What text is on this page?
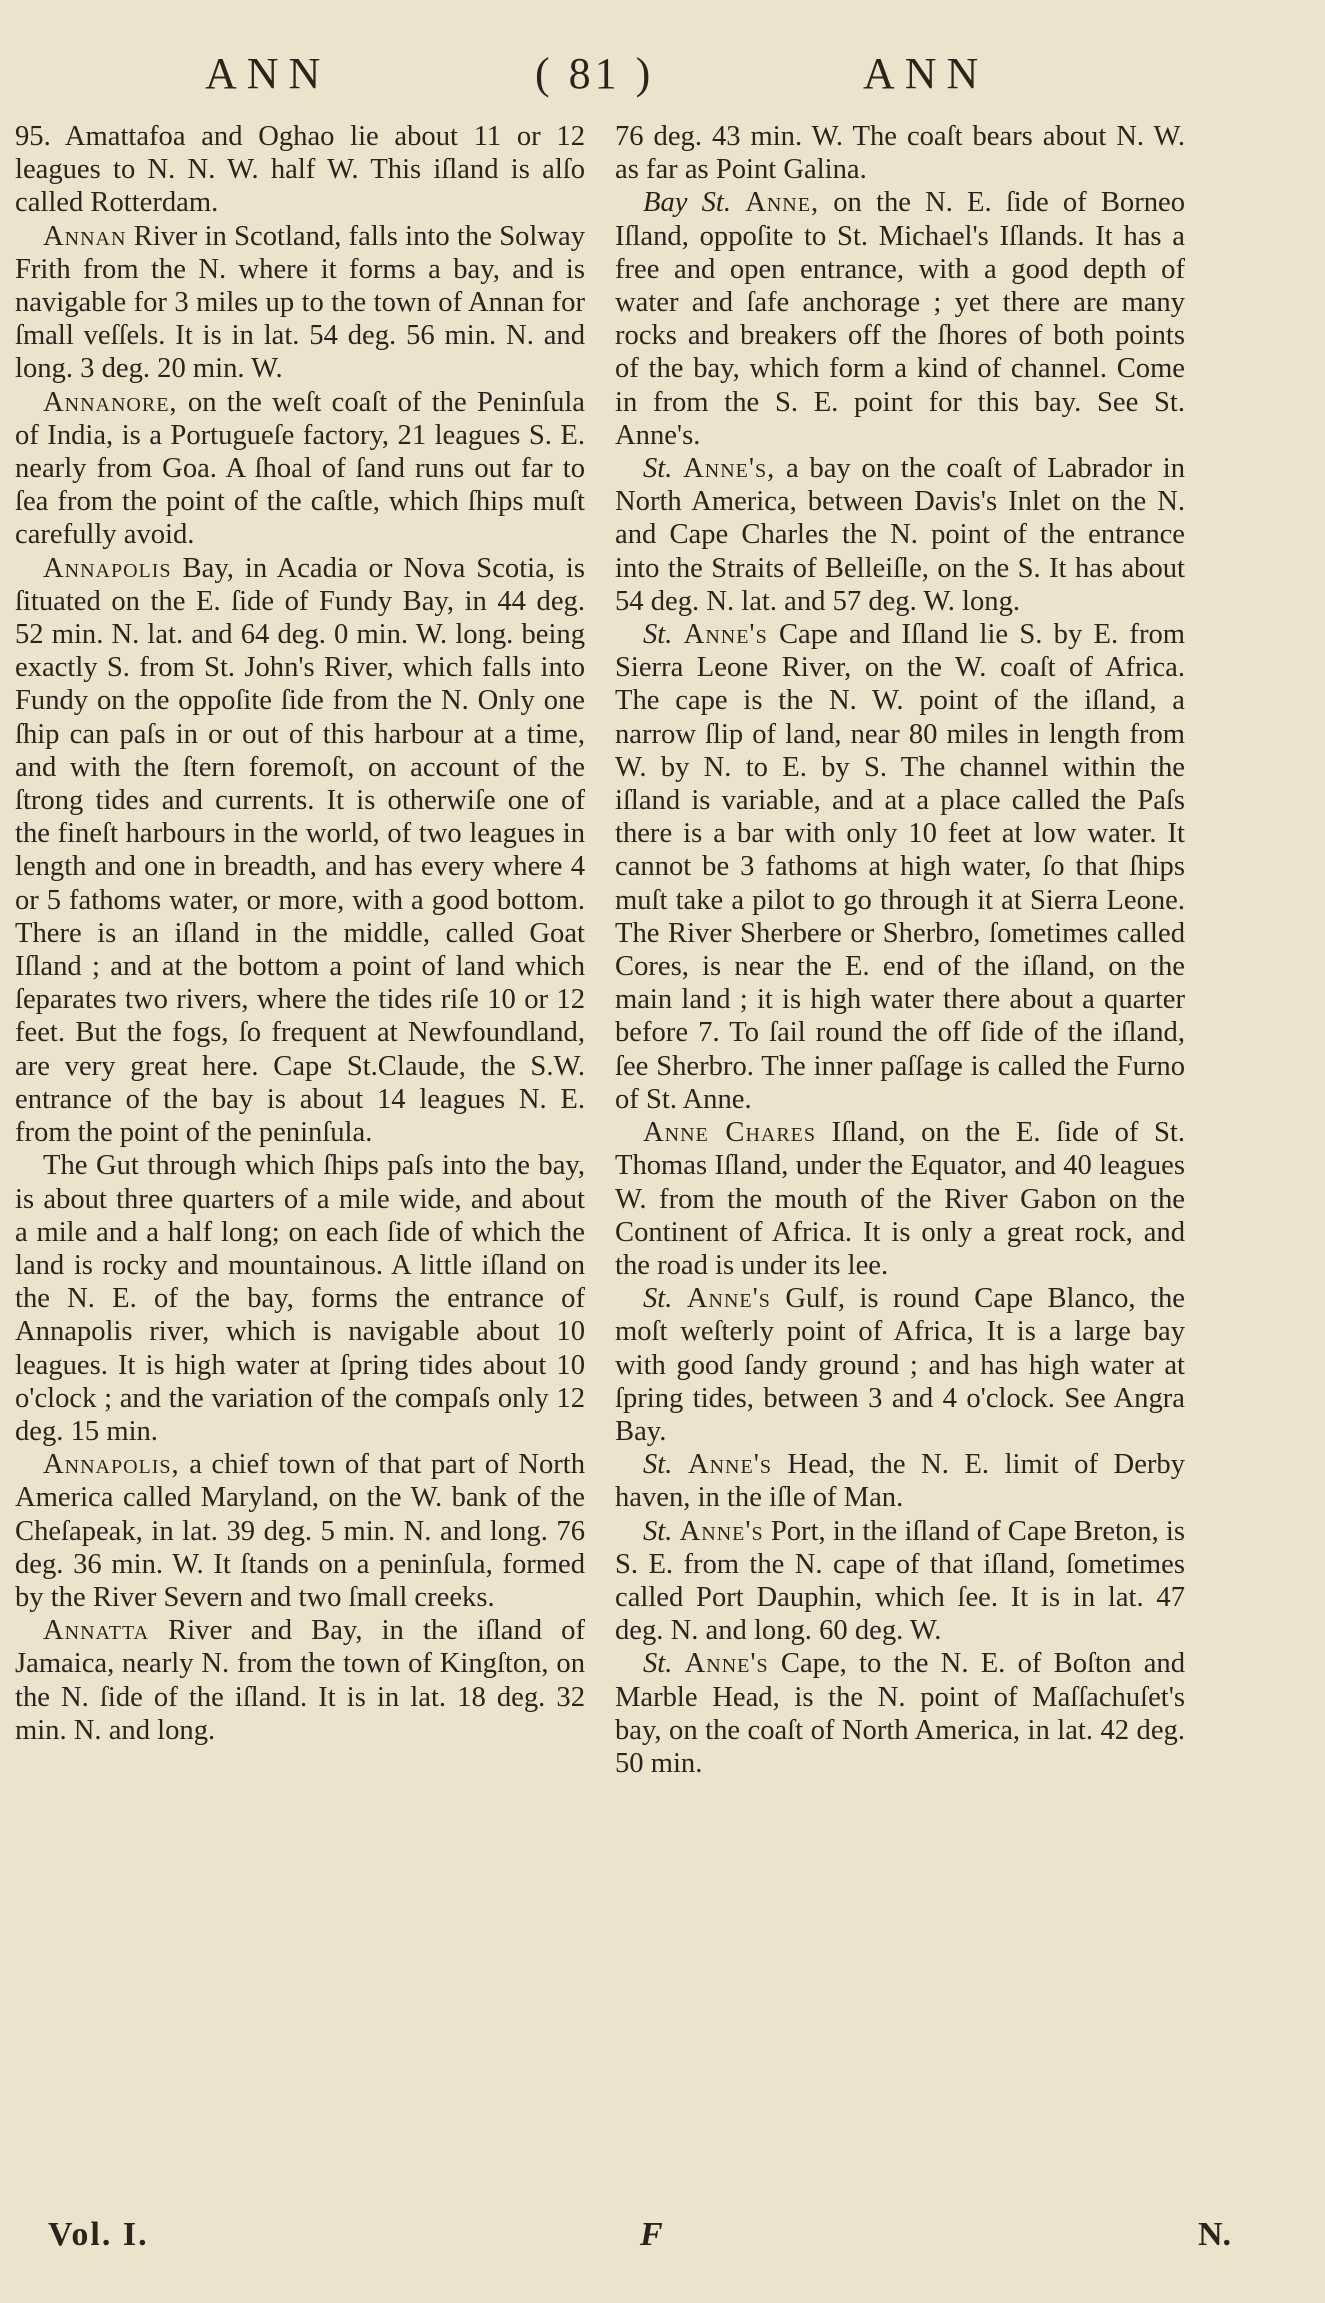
ANN	( 81 )	ANN

95. Amattafoa and Oghao lie about 11 or 12 leagues to N. N. W. half W. This iſland is alſo called Rotterdam.

Annan River in Scotland, falls into the Solway Frith from the N. where it forms a bay, and is navigable for 3 miles up to the town of Annan for ſmall veſſels. It is in lat. 54 deg. 56 min. N. and long. 3 deg. 20 min. W.

Annanore, on the weſt coaſt of the Peninſula of India, is a Portugueſe factory, 21 leagues S. E. nearly from Goa. A ſhoal of ſand runs out far to ſea from the point of the caſtle, which ſhips muſt carefully avoid.

Annapolis Bay, in Acadia or Nova Scotia, is ſituated on the E. ſide of Fundy Bay, in 44 deg. 52 min. N. lat. and 64 deg. 0 min. W. long. being exactly S. from St. John's River, which falls into Fundy on the oppoſite ſide from the N. Only one ſhip can paſs in or out of this harbour at a time, and with the ſtern foremoſt, on account of the ſtrong tides and currents. It is otherwiſe one of the fineſt harbours in the world, of two leagues in length and one in breadth, and has every where 4 or 5 fathoms water, or more, with a good bottom. There is an iſland in the middle, called Goat Iſland ; and at the bottom a point of land which ſeparates two rivers, where the tides riſe 10 or 12 feet. But the fogs, ſo frequent at Newfoundland, are very great here. Cape St.Claude, the S.W. entrance of the bay is about 14 leagues N. E. from the point of the peninſula.

The Gut through which ſhips paſs into the bay, is about three quarters of a mile wide, and about a mile and a half long; on each ſide of which the land is rocky and mountainous. A little iſland on the N. E. of the bay, forms the entrance of Annapolis river, which is navigable about 10 leagues. It is high water at ſpring tides about 10 o'clock ; and the variation of the compaſs only 12 deg. 15 min.

Annapolis, a chief town of that part of North America called Maryland, on the W. bank of the Cheſapeak, in lat. 39 deg. 5 min. N. and long. 76 deg. 36 min. W. It ſtands on a peninſula, formed by the River Severn and two ſmall creeks.

Annatta River and Bay, in the iſland of Jamaica, nearly N. from the town of Kingſton, on the N. ſide of the iſland. It is in lat. 18 deg. 32 min. N. and long.

76 deg. 43 min. W. The coaſt bears about N. W. as far as Point Galina.

Bay St. Anne, on the N. E. ſide of Borneo Iſland, oppoſite to St. Michael's Iſlands. It has a free and open entrance, with a good depth of water and ſafe anchorage ; yet there are many rocks and breakers off the ſhores of both points of the bay, which form a kind of channel. Come in from the S. E. point for this bay. See St. Anne's.

St. Anne's, a bay on the coaſt of Labrador in North America, between Davis's Inlet on the N. and Cape Charles the N. point of the entrance into the Straits of Belleiſle, on the S. It has about 54 deg. N. lat. and 57 deg. W. long.

St. Anne's Cape and Iſland lie S. by E. from Sierra Leone River, on the W. coaſt of Africa. The cape is the N. W. point of the iſland, a narrow ſlip of land, near 80 miles in length from W. by N. to E. by S. The channel within the iſland is variable, and at a place called the Paſs there is a bar with only 10 feet at low water. It cannot be 3 fathoms at high water, ſo that ſhips muſt take a pilot to go through it at Sierra Leone. The River Sherbere or Sherbro, ſometimes called Cores, is near the E. end of the iſland, on the main land ; it is high water there about a quarter before 7. To ſail round the off ſide of the iſland, ſee Sherbro. The inner paſſage is called the Furno of St. Anne.

Anne Chares Iſland, on the E. ſide of St. Thomas Iſland, under the Equator, and 40 leagues W. from the mouth of the River Gabon on the Continent of Africa. It is only a great rock, and the road is under its lee.

St. Anne's Gulf, is round Cape Blanco, the moſt weſterly point of Africa, It is a large bay with good ſandy ground ; and has high water at ſpring tides, between 3 and 4 o'clock. See Angra Bay.

St. Anne's Head, the N. E. limit of Derby haven, in the iſle of Man.

St. Anne's Port, in the iſland of Cape Breton, is S. E. from the N. cape of that iſland, ſometimes called Port Dauphin, which ſee. It is in lat. 47 deg. N. and long. 60 deg. W.

St. Anne's Cape, to the N. E. of Boſton and Marble Head, is the N. point of Maſſachuſet's bay, on the coaſt of North America, in lat. 42 deg. 50 min.

Vol. I.	F	N.
